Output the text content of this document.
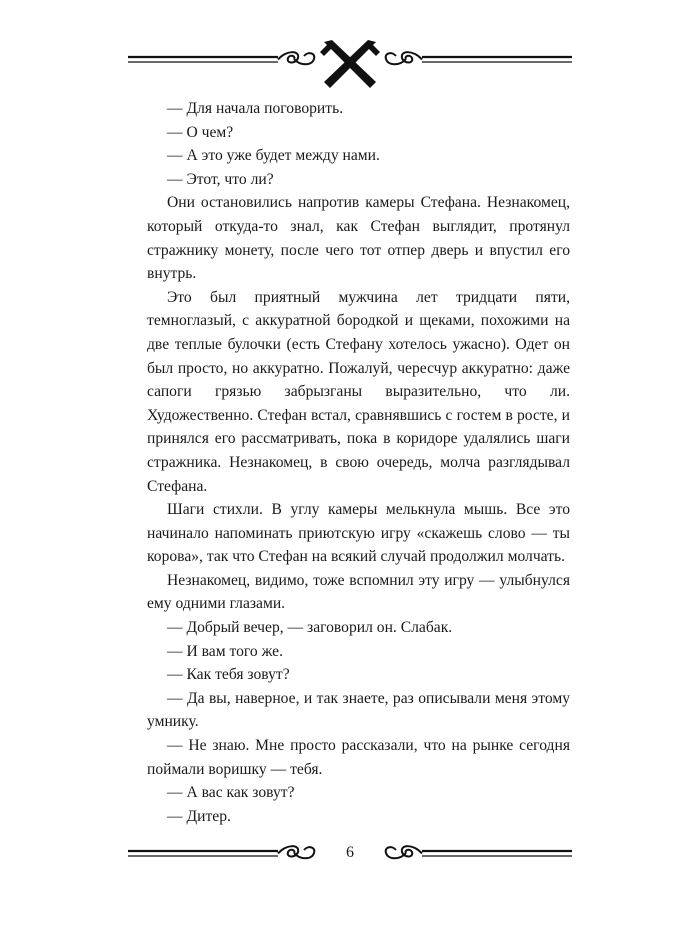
— Для начала поговорить.

— О чем?

— А это уже будет между нами.

— Этот, что ли?

Они остановились напротив камеры Стефана. Незнакомец, который откуда-то знал, как Стефан выглядит, протянул стражнику монету, после чего тот отпер дверь и впустил его внутрь.

Это был приятный мужчина лет тридцати пяти, темноглазый, с аккуратной бородкой и щеками, похожими на две теплые булочки (есть Стефану хотелось ужасно). Одет он был просто, но аккуратно. Пожалуй, чересчур аккуратно: даже сапоги грязью забрызганы выразительно, что ли. Художественно. Стефан встал, сравнявшись с гостем в росте, и принялся его рассматривать, пока в коридоре удалялись шаги стражника. Незнакомец, в свою очередь, молча разглядывал Стефана.

Шаги стихли. В углу камеры мелькнула мышь. Все это начинало напоминать приютскую игру «скажешь слово — ты корова», так что Стефан на всякий случай продолжил молчать.

Незнакомец, видимо, тоже вспомнил эту игру — улыбнулся ему одними глазами.

— Добрый вечер, — заговорил он. Слабак.

— И вам того же.

— Как тебя зовут?

— Да вы, наверное, и так знаете, раз описывали меня этому умнику.

— Не знаю. Мне просто рассказали, что на рынке сегодня поймали воришку — тебя.

— А вас как зовут?

— Дитер.

6
